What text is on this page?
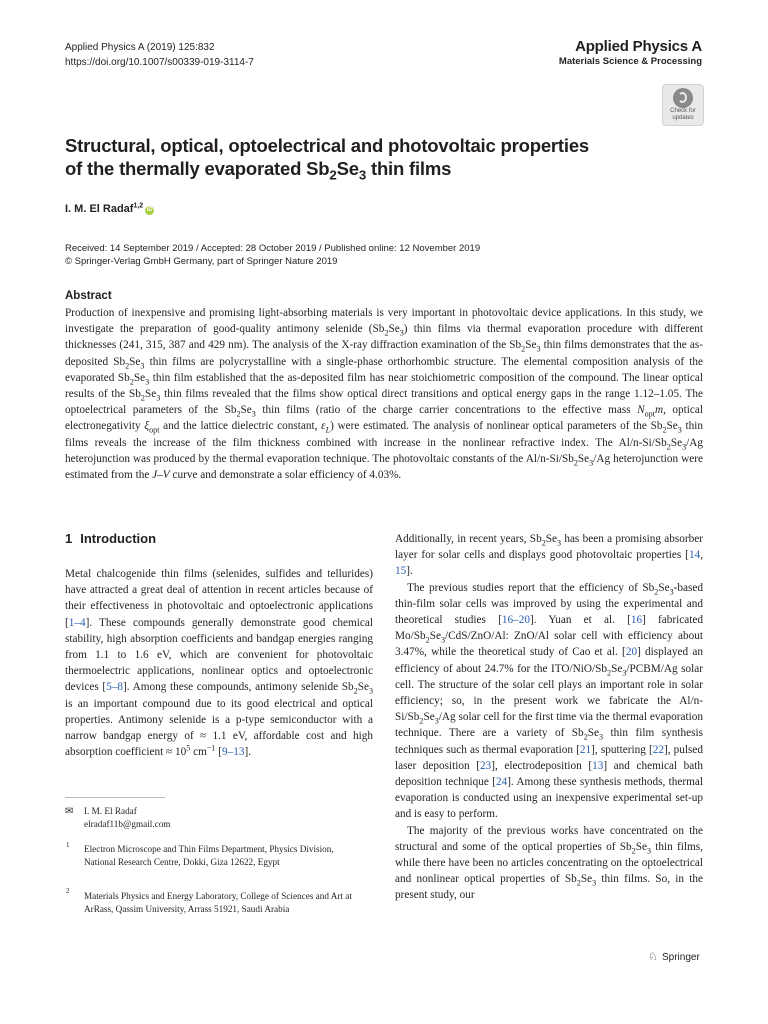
Applied Physics A (2019) 125:832
https://doi.org/10.1007/s00339-019-3114-7
Applied Physics A
Materials Science & Processing
Check for
updates
Structural, optical, optoelectrical and photovoltaic properties
of the thermally evaporated $Sb_2Se_3$ thin films
I. M. El Radaf$^{1,2}$iD
Received: 14 September 2019 / Accepted: 28 October 2019 / Published online: 12 November 2019
© Springer-Verlag GmbH Germany, part of Springer Nature 2019
Abstract

Production of inexpensive and promising light-absorbing materials is very important in photovoltaic device applications. In this study, we investigate the preparation of good-quality antimony selenide $(Sb_2Se_3)$ thin films via thermal evaporation procedure with different thicknesses (241, 315, 387 and 429 nm). The analysis of the X-ray diffraction examination of the $Sb_2Se_3$ thin films demonstrates that the as-deposited $Sb_2Se_3$ thin films are polycrystalline with a single-phase orthorhombic structure. The elemental composition analysis of the evaporated $Sb_2Se_3$ thin film established that the as-deposited film has near stoichiometric composition of the compound. The linear optical results of the $Sb_2Se_3$ thin films revealed that the films show optical direct transitions and optical energy gaps in the range 1.12–1.05. The optoelectrical parameters of the $Sb_2Se_3$ thin films (ratio of the charge carrier concentrations to the effective mass $N_{opt}m$, optical electronegativity $\xi_{opt}$ and the lattice dielectric constant, $\varepsilon_L$) were estimated. The analysis of nonlinear optical parameters of the $Sb_2Se_3$ thin films reveals the increase of the film thickness combined with increase in the nonlinear refractive index. The $Al/n-Si/Sb_2Se_3/Ag$ heterojunction was produced by the thermal evaporation technique. The photovoltaic constants of the $Al/n-Si/Sb_2Se_3/Ag$ heterojunction were estimated from the J–V curve and demonstrate a solar efficiency of 4.03%.

1 Introduction

Metal chalcogenide thin films (selenides, sulfides and tellurides) have attracted a great deal of attention in recent articles because of their effectiveness in photovoltaic and optoelectronic applications [1–4]. These compounds generally demonstrate good chemical stability, high absorption coefficients and bandgap energies ranging from 1.1 to 1.6 eV, which are convenient for photovoltaic thermoelectric applications, nonlinear optics and optoelectronic devices [5–8]. Among these compounds, antimony selenide $Sb_2Se_3$ is an important compound due to its good electrical and optical properties. Antimony selenide is a p-type semiconductor with a narrow bandgap energy of ≈ 1.1 eV, affordable cost and high absorption coefficient ≈ $10^5$ $cm^{-1}$ [9–13].

Additionally, in recent years, $Sb_2Se_3$ has been a promising absorber layer for solar cells and displays good photovoltaic properties [14, 15].

The previous studies report that the efficiency of $Sb_2Se_3$-based thin-film solar cells was improved by using the experimental and theoretical studies [16–20]. Yuan et al. [16] fabricated $Mo/Sb_2Se_3/CdS/ZnO/Al$: ZnO/Al solar cell with efficiency about 3.47%, while the theoretical study of Cao et al. [20] displayed an efficiency of about 24.7% for the ITO/$NiO/Sb_2Se_3/PCBM/Ag$ solar cell. The structure of the solar cell plays an important role in solar efficiency; so, in the present work we fabricate the $Al/n-Si/Sb_2Se_3/Ag$ solar cell for the first time via the thermal evaporation technique. There are a variety of $Sb_2Se_3$ thin film synthesis techniques such as thermal evaporation [21], sputtering [22], pulsed laser deposition [23], electrodeposition [13] and chemical bath deposition technique [24]. Among these synthesis methods, thermal evaporation is conducted using an inexpensive experimental set-up and is easy to perform.

The majority of the previous works have concentrated on the structural and some of the optical properties of $Sb_2Se_3$ thin films, while there have been no articles concentrating on the optoelectrical and nonlinear optical properties of $Sb_2Se_3$ thin films. So, in the present study, our

✉	I. M. El Radaf
elradaf11b@gmail.com
1 Electron Microscope and Thin Films Department, Physics Division, National Research Centre, Dokki, Giza 12622, Egypt
2 Materials Physics and Energy Laboratory, College of Sciences and Art at ArRass, Qassim University, Arrass 51921, Saudi Arabia
♘ Springer
